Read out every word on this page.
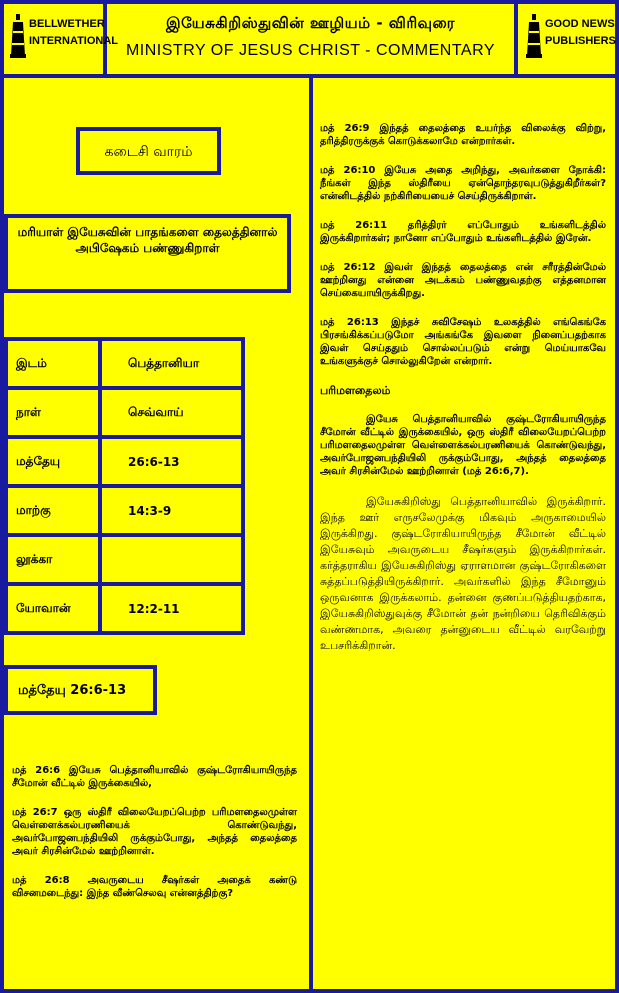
BELLWETHER
INTERNATIONAL
இயேசுகிறிஸ்துவின் ஊழியம் - விரிவுரை
MINISTRY OF JESUS CHRIST - COMMENTARY
GOOD NEWS
PUBLISHERS
கடைசி வாரம்
மரியாள் இயேசுவின் பாதங்களை தைலத்தினால் அபிஷேகம் பண்ணுகிறாள்
இடம்	பெத்தானியா
நாள்	செவ்வாய்
மத்தேயு	26:6-13
மாற்கு	14:3-9
லூக்கா	
யோவான்	12:2-11
மத்தேயு 26:6-13

மத் 26:6 இயேசு பெத்தானியாவில் குஷ்டரோகியாயிருந்த சீமோன் வீட்டில் இருக்கையில்,

மத் 26:7 ஒரு ஸ்திரீ விலையேறப்பெற்ற பரிமளதைலமுள்ள வெள்ளைக்கல்பரணியைக் கொண்டுவந்து, அவர்போஜனபந்தியிலி ருக்கும்போது, அந்தத் தைலத்தை அவர் சிரசின்மேல் ஊற்றினாள்.

மத் 26:8 அவருடைய சீஷர்கள் அதைக் கண்டு விசனமடைந்து: இந்த வீண்செலவு என்னத்திற்கு?

மத் 26:9 இந்தத் தைலத்தை உயர்ந்த விலைக்கு விற்று, தரித்திரருக்குக் கொடுக்கலாமே என்றார்கள்.

மத் 26:10 இயேசு அதை அறிந்து, அவர்களை நோக்கி: நீங்கள் இந்த ஸ்திரீயை ஏன்தொந்தரவுபடுத்துகிறீர்கள்? என்னிடத்தில் நற்கிரியையைச் செய்திருக்கிறாள்.

மத் 26:11 தரித்திரர் எப்போதும் உங்களிடத்தில் இருக்கிறார்கள்; நானோ எப்போதும் உங்களிடத்தில் இரேன்.

மத் 26:12 இவள் இந்தத் தைலத்தை என் சரீரத்தின்மேல் ஊற்றினது என்னை அடக்கம் பண்ணுவதற்கு எத்தனமான செய்கையாயிருக்கிறது.

மத் 26:13 இந்தச் சுவிசேஷம் உலகத்தில் எங்கெங்கே பிரசங்கிக்கப்படுமோ அங்கங்கே இவளை நினைப்பதற்காக இவள் செய்ததும் சொல்லப்படும் என்று மெய்யாகவே உங்களுக்குச் சொல்லுகிறேன் என்றார்.

பரிமளதைலம்

இயேசு பெத்தானியாவில் குஷ்டரோகியாயிருந்த சீமோன் வீட்டில் இருக்கையில், ஒரு ஸ்திரீ விலையேறப்பெற்ற பரிமளதைலமுள்ள வெள்ளைக்கல்பரணியைக் கொண்டுவந்து, அவர்போஜனபந்தியிலி ருக்கும்போது, அந்தத் தைலத்தை அவர் சிரசின்மேல் ஊற்றினாள் (மத் 26:6,7).

இயேசுகிறிஸ்து பெத்தானியாவில் இருக்கிறார். இந்த ஊர் எருசலேமுக்கு மிகவும் அருகாமையில் இருக்கிறது. குஷ்டரோகியாயிருந்த சீமோன் வீட்டில் இயேசுவும் அவருடைய சீஷர்களும் இருக்கிறார்கள். கர்த்தராகிய இயேசுகிறிஸ்து ஏராளமான குஷ்டரோகிகளை சுத்தப்படுத்தியிருக்கிறார். அவர்களில் இந்த சீமோனும் ஒருவனாக இருக்கலாம். தன்னை குணப்படுத்தியதற்காக, இயேசுகிறிஸ்துவுக்கு சீமோன் தன் நன்றியை தெரிவிக்கும் வண்ணமாக, அவரை தன்னுடைய வீட்டில் வரவேற்று உபசரிக்கிறான்.
